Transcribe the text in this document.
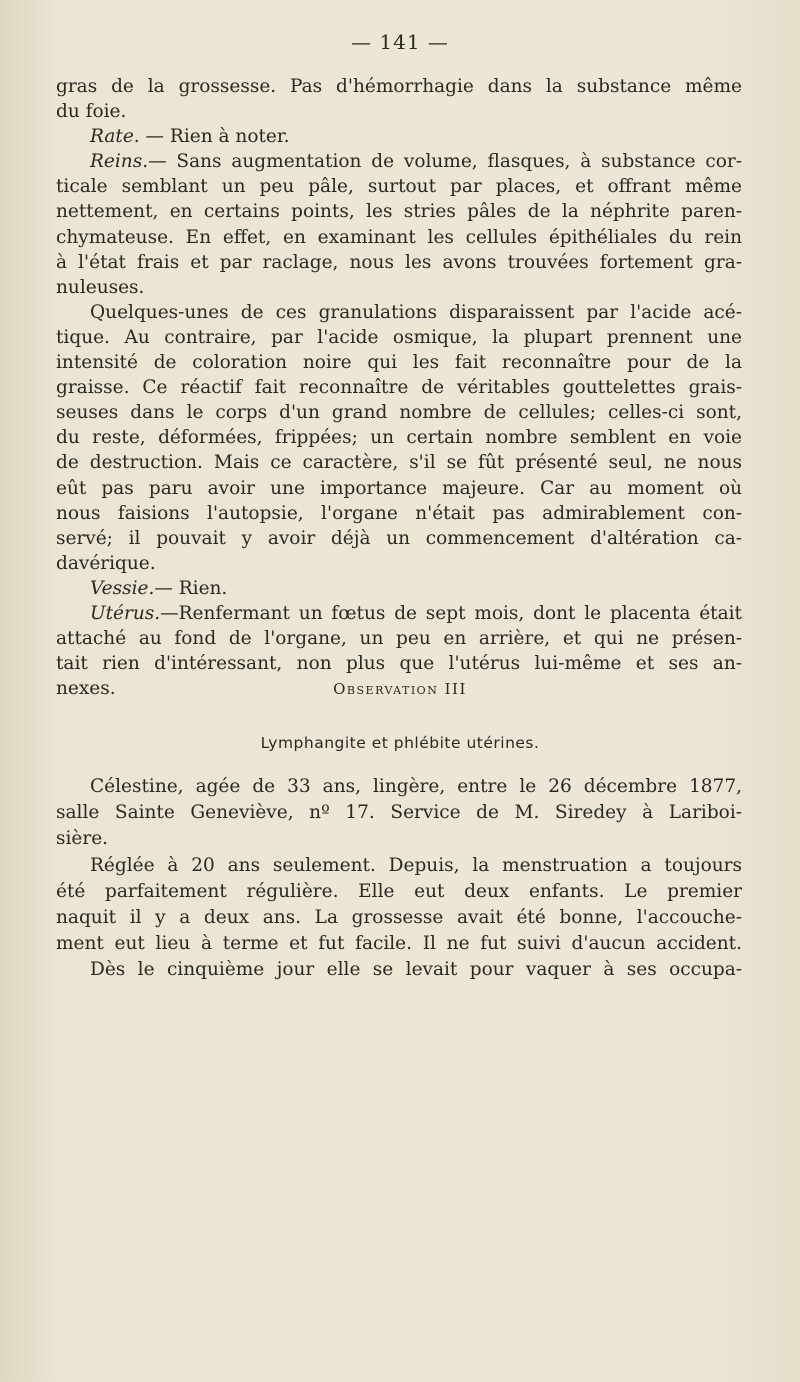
— 141 —
gras de la grossesse. Pas d'hémorrhagie dans la substance même
du foie.
Rate. — Rien à noter.
Reins.— Sans augmentation de volume, flasques, à substance cor-
ticale semblant un peu pâle, surtout par places, et offrant même
nettement, en certains points, les stries pâles de la néphrite paren-
chymateuse. En effet, en examinant les cellules épithéliales du rein
à l'état frais et par raclage, nous les avons trouvées fortement gra-
nuleuses.
Quelques-unes de ces granulations disparaissent par l'acide acé-
tique. Au contraire, par l'acide osmique, la plupart prennent une
intensité de coloration noire qui les fait reconnaître pour de la
graisse. Ce réactif fait reconnaître de véritables gouttelettes grais-
seuses dans le corps d'un grand nombre de cellules; celles-ci sont,
du reste, déformées, frippées; un certain nombre semblent en voie
de destruction. Mais ce caractère, s'il se fût présenté seul, ne nous
eût pas paru avoir une importance majeure. Car au moment où
nous faisions l'autopsie, l'organe n'était pas admirablement con-
servé; il pouvait y avoir déjà un commencement d'altération ca-
davérique.
Vessie.— Rien.
Utérus.—Renfermant un fœtus de sept mois, dont le placenta était
attaché au fond de l'organe, un peu en arrière, et qui ne présen-
tait rien d'intéressant, non plus que l'utérus lui-même et ses an-
nexes.	Observation III
Lymphangite et phlébite utérines.
Célestine, agée de 33 ans, lingère, entre le 26 décembre 1877,
salle Sainte Geneviève, nº 17. Service de M. Siredey à Lariboi-
sière.
Réglée à 20 ans seulement. Depuis, la menstruation a toujours
été parfaitement régulière. Elle eut deux enfants. Le premier
naquit il y a deux ans. La grossesse avait été bonne, l'accouche-
ment eut lieu à terme et fut facile. Il ne fut suivi d'aucun accident.
Dès le cinquième jour elle se levait pour vaquer à ses occupa-
